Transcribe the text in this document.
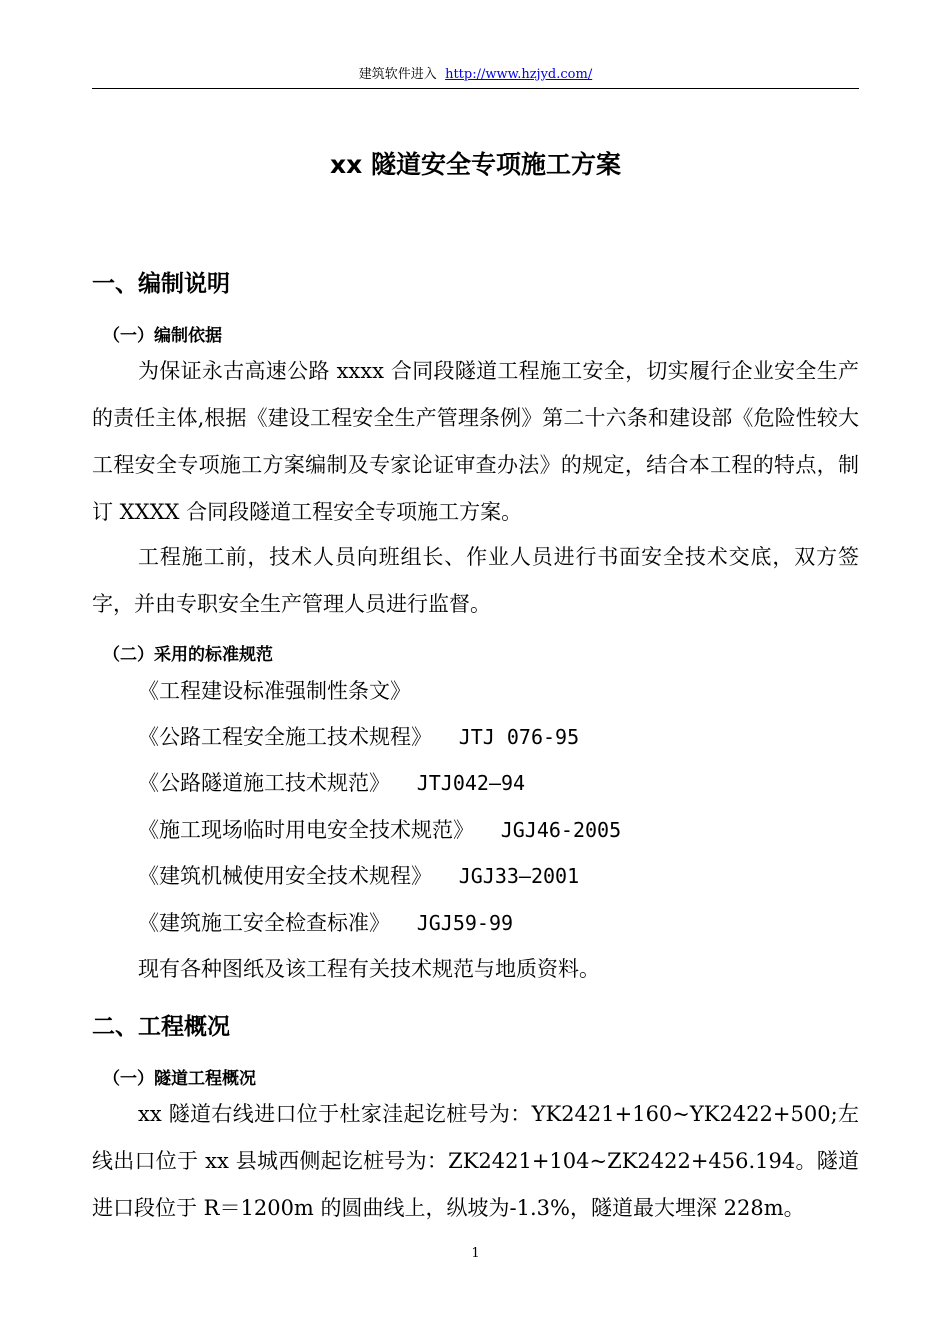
建筑软件进入 http://www.hzjyd.com/
xx 隧道安全专项施工方案
一、编制说明
（一）编制依据

为保证永古高速公路 xxxx 合同段隧道工程施工安全，切实履行企业安全生产的责任主体,根据《建设工程安全生产管理条例》第二十六条和建设部《危险性较大工程安全专项施工方案编制及专家论证审查办法》的规定，结合本工程的特点，制订 XXXX 合同段隧道工程安全专项施工方案。

工程施工前，技术人员向班组长、作业人员进行书面安全技术交底，双方签字，并由专职安全生产管理人员进行监督。

（二）采用的标准规范
《工程建设标准强制性条文》
《公路工程安全施工技术规程》 JTJ 076-95
《公路隧道施工技术规范》 JTJ042—94
《施工现场临时用电安全技术规范》 JGJ46-2005
《建筑机械使用安全技术规程》 JGJ33—2001
《建筑施工安全检查标准》 JGJ59-99
现有各种图纸及该工程有关技术规范与地质资料。
二、工程概况
（一）隧道工程概况

xx 隧道右线进口位于杜家洼起讫桩号为：YK2421+160~YK2422+500;左线出口位于 xx 县城西侧起讫桩号为：ZK2421+104~ZK2422+456.194。隧道进口段位于 R＝1200m 的圆曲线上，纵坡为-1.3%，隧道最大埋深 228m。

1
